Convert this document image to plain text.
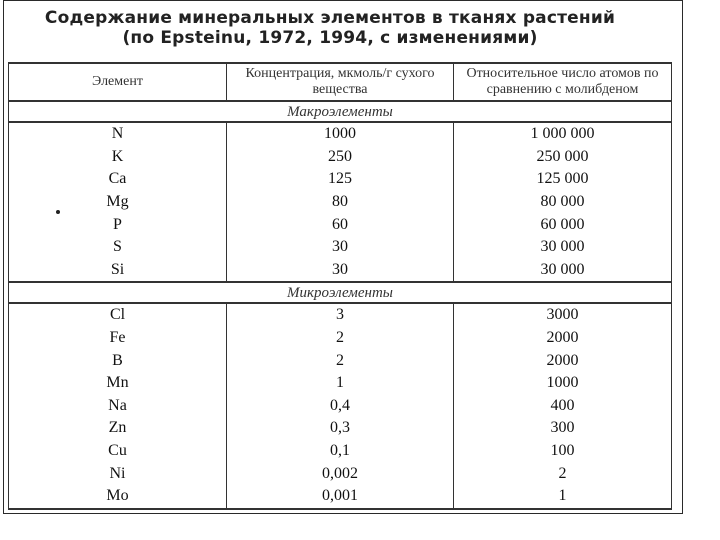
Содержание минеральных элементов в тканях растений
(по Epsteinu, 1972, 1994, с изменениями)
Элемент	Концентрация, мкмоль/г сухого вещества	Относительное число атомов по сравнению с молибденом
Макроэлементы		
N	1000	1 000 000
K	250	250 000
Ca	125	125 000
Mg	80	80 000
P	60	60 000
S	30	30 000
Si	30	30 000
Микроэлементы		
Cl	3	3000
Fe	2	2000
B	2	2000
Mn	1	1000
Na	0,4	400
Zn	0,3	300
Cu	0,1	100
Ni	0,002	2
Mo	0,001	1
